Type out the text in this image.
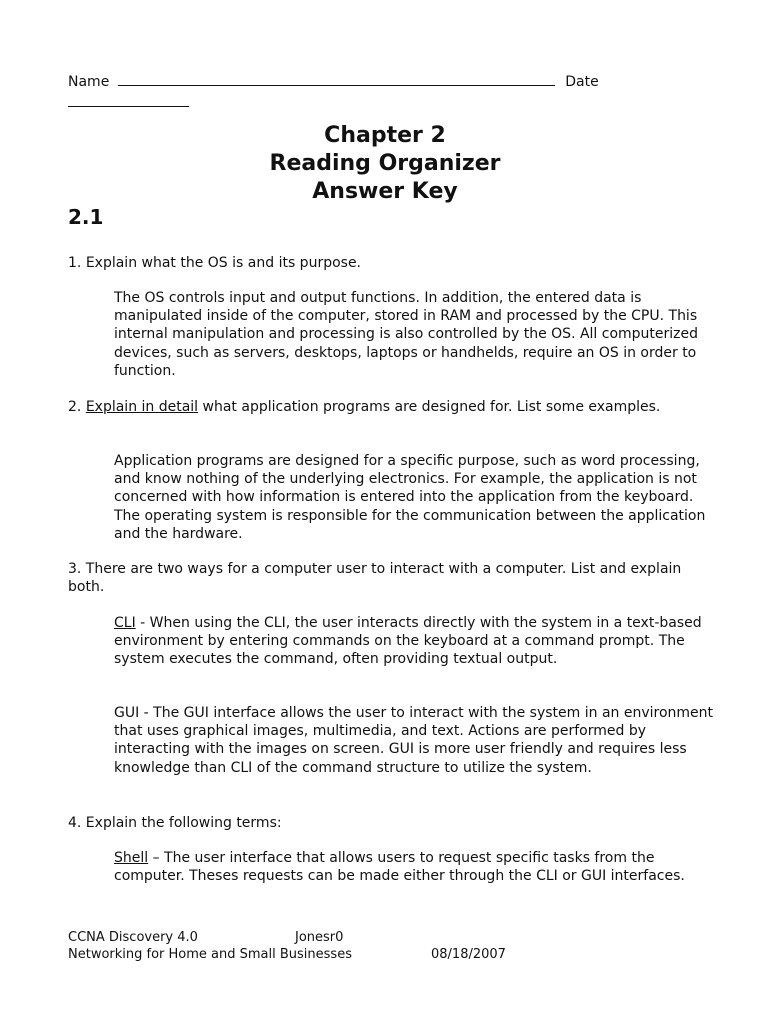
Name	Date
Chapter 2
Reading Organizer
Answer Key
2.1
1. Explain what the OS is and its purpose.
The OS controls input and output functions. In addition, the entered data is manipulated inside of the computer, stored in RAM and processed by the CPU. This internal manipulation and processing is also controlled by the OS. All computerized devices, such as servers, desktops, laptops or handhelds, require an OS in order to function.
2. Explain in detail what application programs are designed for. List some examples.
Application programs are designed for a specific purpose, such as word processing, and know nothing of the underlying electronics. For example, the application is not concerned with how information is entered into the application from the keyboard. The operating system is responsible for the communication between the application and the hardware.
3. There are two ways for a computer user to interact with a computer. List and explain both.
CLI - When using the CLI, the user interacts directly with the system in a text-based environment by entering commands on the keyboard at a command prompt. The system executes the command, often providing textual output.
GUI - The GUI interface allows the user to interact with the system in an environment that uses graphical images, multimedia, and text. Actions are performed by interacting with the images on screen. GUI is more user friendly and requires less knowledge than CLI of the command structure to utilize the system.
4. Explain the following terms:
Shell – The user interface that allows users to request specific tasks from the computer. Theses requests can be made either through the CLI or GUI interfaces.
CCNA Discovery 4.0	Jonesr0
Networking for Home and Small Businesses	08/18/2007
